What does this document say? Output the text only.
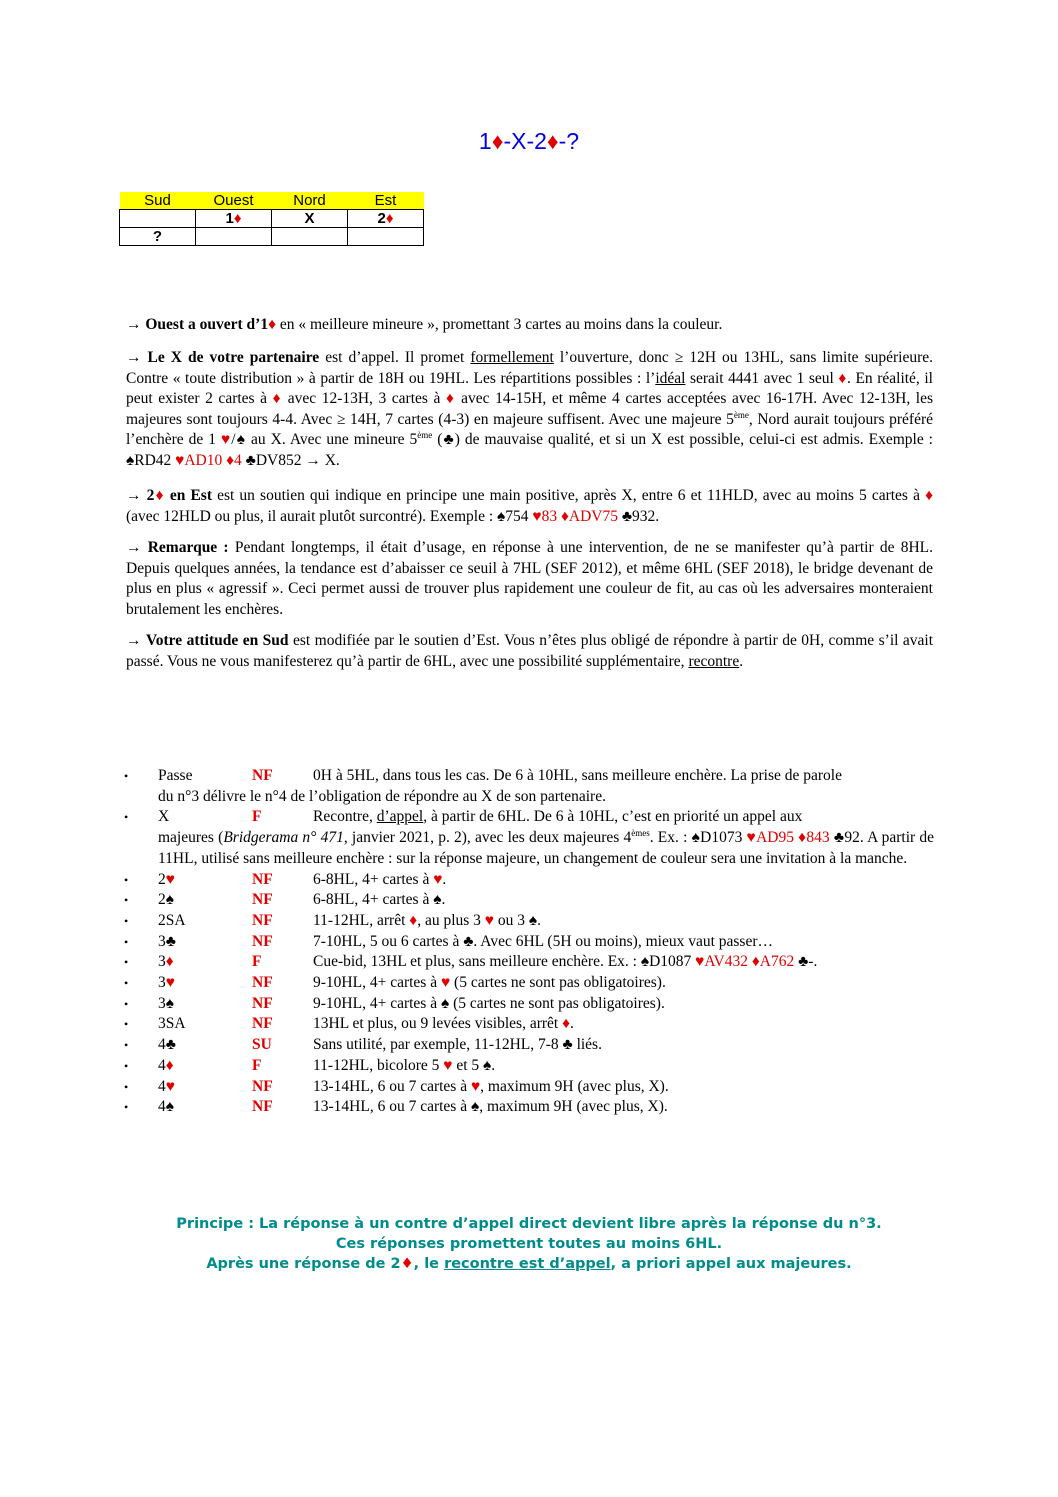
1♦-X-2♦-?
Sud	Ouest	Nord	Est
	1♦	X	2♦
?			
→ Ouest a ouvert d’1♦ en « meilleure mineure », promettant 3 cartes au moins dans la couleur.
→ Le X de votre partenaire est d’appel. Il promet formellement l’ouverture, donc ≥ 12H ou 13HL, sans limite supérieure. Contre « toute distribution » à partir de 18H ou 19HL. Les répartitions possibles : l’idéal serait 4441 avec 1 seul ♦. En réalité, il peut exister 2 cartes à ♦ avec 12-13H, 3 cartes à ♦ avec 14-15H, et même 4 cartes acceptées avec 16-17H. Avec 12-13H, les majeures sont toujours 4-4. Avec ≥ 14H, 7 cartes (4-3) en majeure suffisent. Avec une majeure 5ème, Nord aurait toujours préféré l’enchère de 1 ♥/♠ au X. Avec une mineure 5ème (♣) de mauvaise qualité, et si un X est possible, celui-ci est admis. Exemple : ♠RD42 ♥AD10 ♦4 ♣DV852 → X.
→ 2♦ en Est est un soutien qui indique en principe une main positive, après X, entre 6 et 11HLD, avec au moins 5 cartes à ♦ (avec 12HLD ou plus, il aurait plutôt surcontré). Exemple : ♠754 ♥83 ♦ADV75 ♣932.
→ Remarque : Pendant longtemps, il était d’usage, en réponse à une intervention, de ne se manifester qu’à partir de 8HL. Depuis quelques années, la tendance est d’abaisser ce seuil à 7HL (SEF 2012), et même 6HL (SEF 2018), le bridge devenant de plus en plus « agressif ». Ceci permet aussi de trouver plus rapidement une couleur de fit, au cas où les adversaires monteraient brutalement les enchères.
→ Votre attitude en Sud est modifiée par le soutien d’Est. Vous n’êtes plus obligé de répondre à partir de 0H, comme s’il avait passé. Vous ne vous manifesterez qu’à partir de 6HL, avec une possibilité supplémentaire, recontre.
•	Passe	NF	0H à 5HL, dans tous les cas. De 6 à 10HL, sans meilleure enchère. La prise de parole
du n°3 délivre le n°4 de l’obligation de répondre au X de son partenaire.
•	X	F	Recontre, d’appel, à partir de 6HL. De 6 à 10HL, c’est en priorité un appel aux
majeures (Bridgerama n° 471, janvier 2021, p. 2), avec les deux majeures 4èmes. Ex. : ♠D1073 ♥AD95 ♦843 ♣92. A partir de 11HL, utilisé sans meilleure enchère : sur la réponse majeure, un changement de couleur sera une invitation à la manche.
•	2♥	NF	6-8HL, 4+ cartes à ♥.
•	2♠	NF	6-8HL, 4+ cartes à ♠.
•	2SA	NF	11-12HL, arrêt ♦, au plus 3 ♥ ou 3 ♠.
•	3♣	NF	7-10HL, 5 ou 6 cartes à ♣. Avec 6HL (5H ou moins), mieux vaut passer…
•	3♦	F	Cue-bid, 13HL et plus, sans meilleure enchère. Ex. : ♠D1087 ♥AV432 ♦A762 ♣-.
•	3♥	NF	9-10HL, 4+ cartes à ♥ (5 cartes ne sont pas obligatoires).
•	3♠	NF	9-10HL, 4+ cartes à ♠ (5 cartes ne sont pas obligatoires).
•	3SA	NF	13HL et plus, ou 9 levées visibles, arrêt ♦.
•	4♣	SU	Sans utilité, par exemple, 11-12HL, 7-8 ♣ liés.
•	4♦	F	11-12HL, bicolore 5 ♥ et 5 ♠.
•	4♥	NF	13-14HL, 6 ou 7 cartes à ♥, maximum 9H (avec plus, X).
•	4♠	NF	13-14HL, 6 ou 7 cartes à ♠, maximum 9H (avec plus, X).
Principe : La réponse à un contre d’appel direct devient libre après la réponse du n°3.
Ces réponses promettent toutes au moins 6HL.
Après une réponse de 2♦, le recontre est d’appel, a priori appel aux majeures.
